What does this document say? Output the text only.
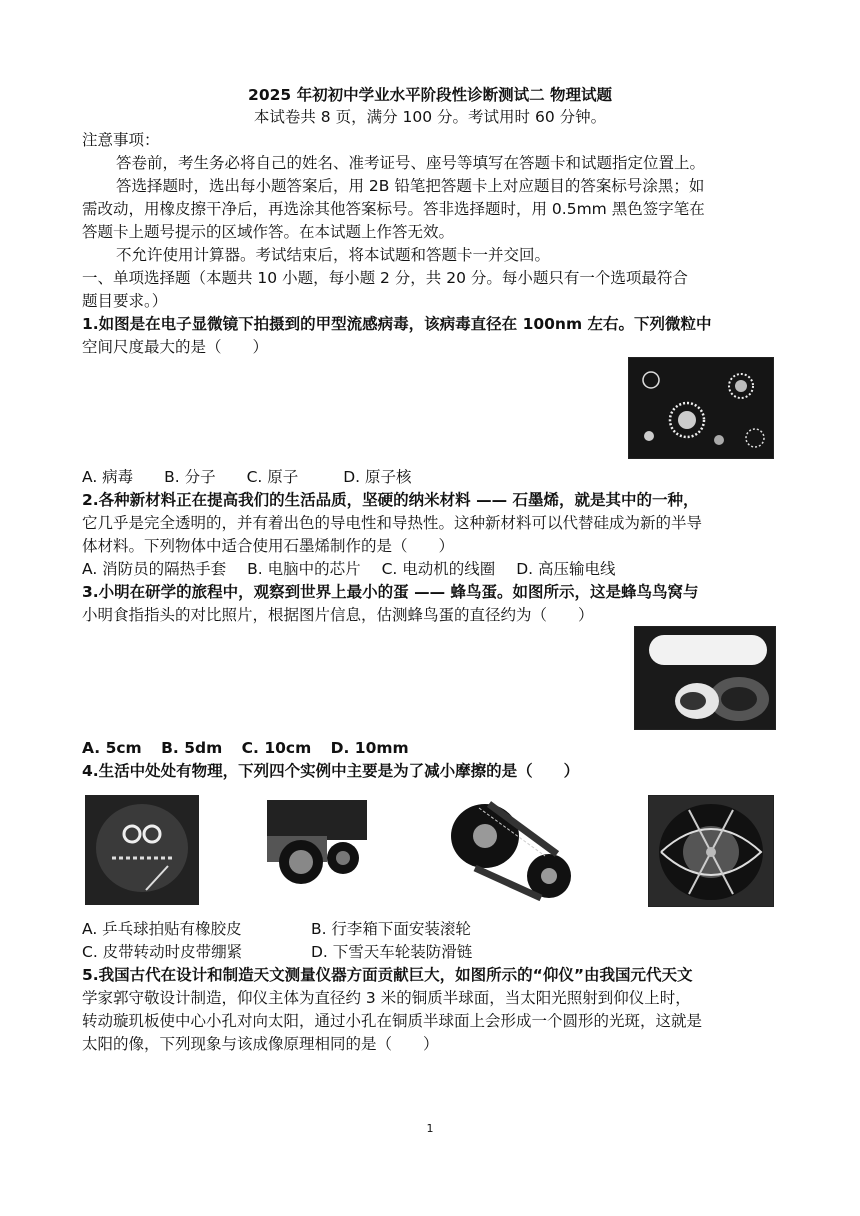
2025 年初初中学业水平阶段性诊断测试二 物理试题
本试卷共 8 页，满分 100 分。考试用时 60 分钟。
注意事项：
答卷前，考生务必将自己的姓名、准考证号、座号等填写在答题卡和试题指定位置上。
答选择题时，选出每小题答案后，用 2B 铅笔把答题卡上对应题目的答案标号涂黑；如
需改动，用橡皮擦干净后，再选涂其他答案标号。答非选择题时，用 0.5mm 黑色签字笔在
答题卡上题号提示的区域作答。在本试题上作答无效。
不允许使用计算器。考试结束后，将本试题和答题卡一并交回。
一、单项选择题（本题共 10 小题，每小题 2 分，共 20 分。每小题只有一个选项最符合
题目要求。）
1.如图是在电子显微镜下拍摄到的甲型流感病毒，该病毒直径在 100nm 左右。下列微粒中
空间尺度最大的是（　　）
A. 病毒 B. 分子 C. 原子	D. 原子核
2.各种新材料正在提高我们的生活品质，坚硬的纳米材料 —— 石墨烯，就是其中的一种，
它几乎是完全透明的，并有着出色的导电性和导热性。这种新材料可以代替硅成为新的半导
体材料。下列物体中适合使用石墨烯制作的是（　　）
A. 消防员的隔热手套 B. 电脑中的芯片 C. 电动机的线圈 D. 高压输电线
3.小明在研学的旅程中，观察到世界上最小的蛋 —— 蜂鸟蛋。如图所示，这是蜂鸟鸟窝与
小明食指指头的对比照片，根据图片信息，估测蜂鸟蛋的直径约为（　　）
A. 5cm B. 5dm C. 10cm D. 10mm
4.生活中处处有物理，下列四个实例中主要是为了减小摩擦的是（　　）
A. 乒乓球拍贴有橡胶皮	B. 行李箱下面安装滚轮
C. 皮带转动时皮带绷紧	D. 下雪天车轮装防滑链
5.我国古代在设计和制造天文测量仪器方面贡献巨大，如图所示的“仰仪”由我国元代天文
学家郭守敬设计制造，仰仪主体为直径约 3 米的铜质半球面，当太阳光照射到仰仪上时，
转动璇玑板使中心小孔对向太阳，通过小孔在铜质半球面上会形成一个圆形的光斑，这就是
太阳的像，下列现象与该成像原理相同的是（　　）
1
